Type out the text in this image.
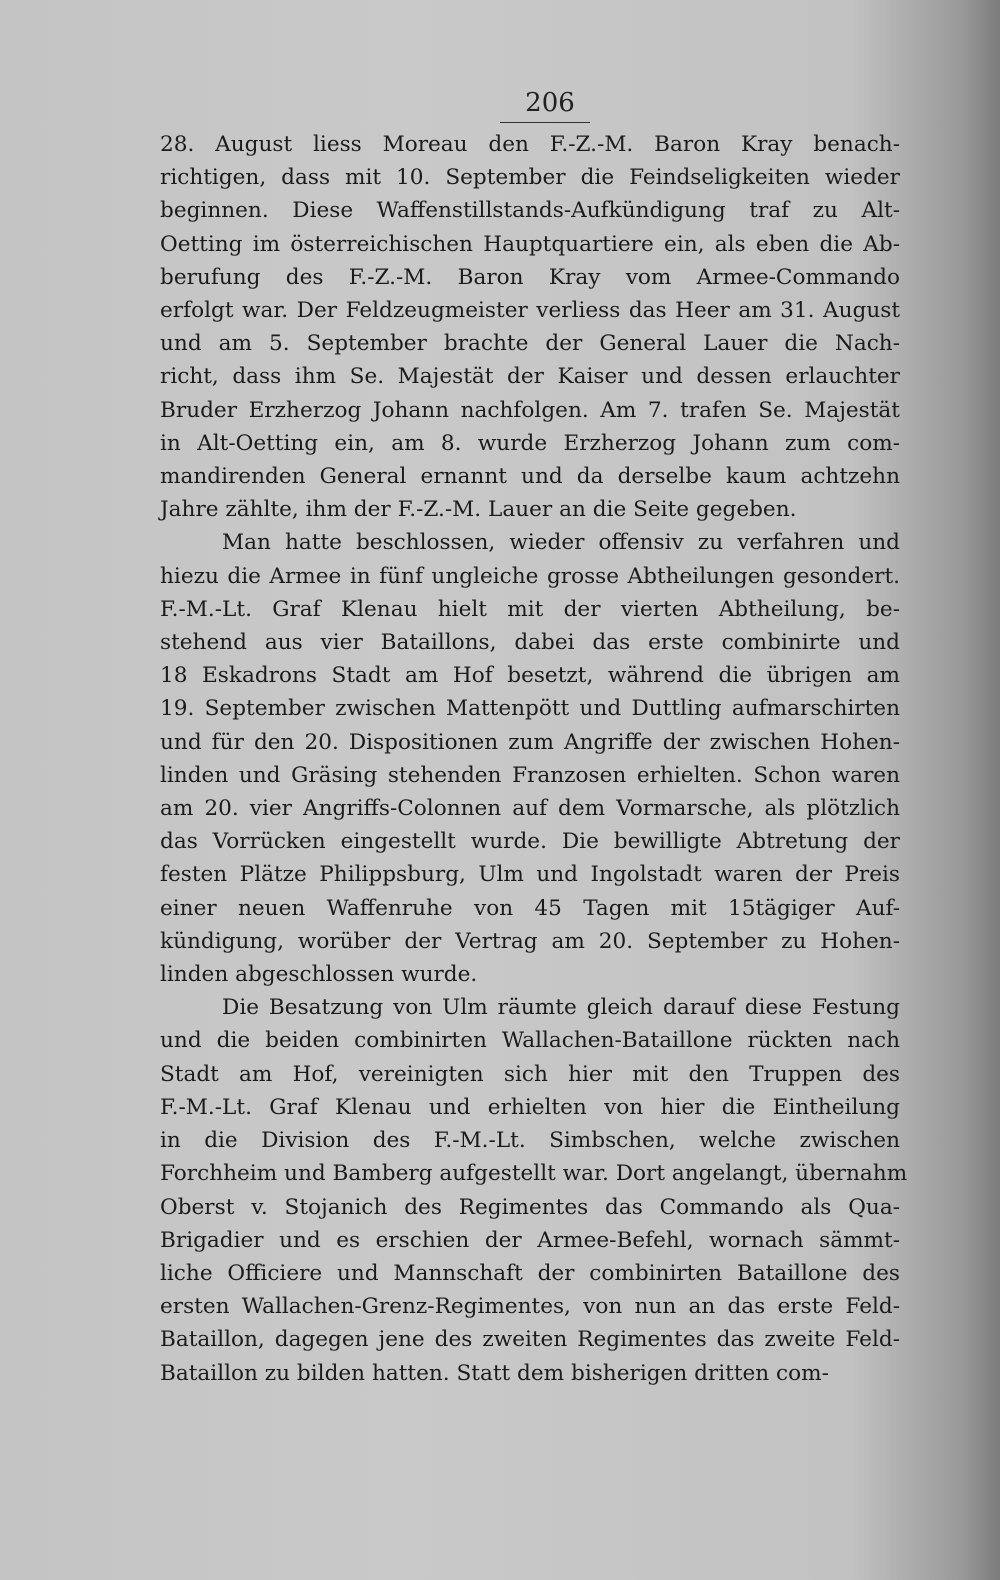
206

28. August liess Moreau den F.-Z.-M. Baron Kray benach-
richtigen, dass mit 10. September die Feindseligkeiten wieder
beginnen. Diese Waffenstillstands-Aufkündigung traf zu Alt-
Oetting im österreichischen Hauptquartiere ein, als eben die Ab-
berufung des F.-Z.-M. Baron Kray vom Armee-Commando
erfolgt war. Der Feldzeugmeister verliess das Heer am 31. August
und am 5. September brachte der General Lauer die Nach-
richt, dass ihm Se. Majestät der Kaiser und dessen erlauchter
Bruder Erzherzog Johann nachfolgen. Am 7. trafen Se. Majestät
in Alt-Oetting ein, am 8. wurde Erzherzog Johann zum com-
mandirenden General ernannt und da derselbe kaum achtzehn
Jahre zählte, ihm der F.-Z.-M. Lauer an die Seite gegeben.

Man hatte beschlossen, wieder offensiv zu verfahren und
hiezu die Armee in fünf ungleiche grosse Abtheilungen gesondert.
F.-M.-Lt. Graf Klenau hielt mit der vierten Abtheilung, be-
stehend aus vier Bataillons, dabei das erste combinirte und
18 Eskadrons Stadt am Hof besetzt, während die übrigen am
19. September zwischen Mattenpött und Duttling aufmarschirten
und für den 20. Dispositionen zum Angriffe der zwischen Hohen-
linden und Gräsing stehenden Franzosen erhielten. Schon waren
am 20. vier Angriffs-Colonnen auf dem Vormarsche, als plötzlich
das Vorrücken eingestellt wurde. Die bewilligte Abtretung der
festen Plätze Philippsburg, Ulm und Ingolstadt waren der Preis
einer neuen Waffenruhe von 45 Tagen mit 15tägiger Auf-
kündigung, worüber der Vertrag am 20. September zu Hohen-
linden abgeschlossen wurde.

Die Besatzung von Ulm räumte gleich darauf diese Festung
und die beiden combinirten Wallachen-Bataillone rückten nach
Stadt am Hof, vereinigten sich hier mit den Truppen des
F.-M.-Lt. Graf Klenau und erhielten von hier die Eintheilung
in die Division des F.-M.-Lt. Simbschen, welche zwischen
Forchheim und Bamberg aufgestellt war. Dort angelangt, übernahm
Oberst v. Stojanich des Regimentes das Commando als Qua-
Brigadier und es erschien der Armee-Befehl, wornach sämmt-
liche Officiere und Mannschaft der combinirten Bataillone des
ersten Wallachen-Grenz-Regimentes, von nun an das erste Feld-
Bataillon, dagegen jene des zweiten Regimentes das zweite Feld-
Bataillon zu bilden hatten. Statt dem bisherigen dritten com-
